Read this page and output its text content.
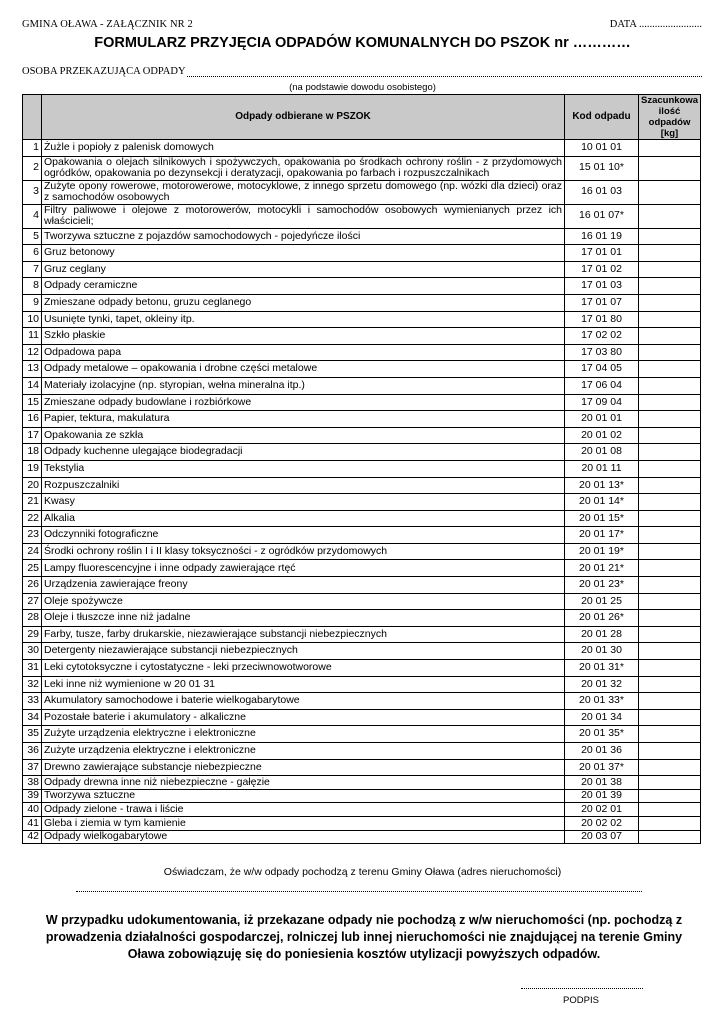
GMINA OŁAWA - ZAŁĄCZNIK NR 2	DATA ........................
FORMULARZ PRZYJĘCIA ODPADÓW KOMUNALNYCH DO PSZOK nr …………
OSOBA PRZEKAZUJĄCA ODPADY
(na podstawie dowodu osobistego)
	Odpady odbierane w PSZOK	Kod odpadu	Szacunkowa ilość odpadów [kg]
1	Żużle i popioły z palenisk domowych	10 01 01	
2	Opakowania o olejach silnikowych i spożywczych, opakowania po środkach ochrony roślin - z przydomowych ogródków, opakowania po dezynsekcji i deratyzacji, opakowania po farbach i rozpuszczalnikach	15 01 10*	
3	Zużyte opony rowerowe, motorowerowe, motocyklowe, z innego sprzetu domowego (np. wózki dla dzieci) oraz z samochodów osobowych	16 01 03	
4	Filtry paliwowe i olejowe z motorowerów, motocykli i samochodów osobowych wymienianych przez ich właścicieli;	16 01 07*	
5	Tworzywa sztuczne z pojazdów samochodowych - pojedyńcze ilości	16 01 19	
6	Gruz betonowy	17 01 01	
7	Gruz ceglany	17 01 02	
8	Odpady ceramiczne	17 01 03	
9	Zmieszane odpady betonu, gruzu ceglanego	17 01 07	
10	Usunięte tynki, tapet, okleiny itp.	17 01 80	
11	Szkło płaskie	17 02 02	
12	Odpadowa papa	17 03 80	
13	Odpady metalowe – opakowania i drobne części metalowe	17 04 05	
14	Materiały izolacyjne (np. styropian, wełna mineralna itp.)	17 06 04	
15	Zmieszane odpady budowlane i rozbiórkowe	17 09 04	
16	Papier, tektura, makulatura	20 01 01	
17	Opakowania ze szkła	20 01 02	
18	Odpady kuchenne ulegające biodegradacji	20 01 08	
19	Tekstylia	20 01 11	
20	Rozpuszczalniki	20 01 13*	
21	Kwasy	20 01 14*	
22	Alkalia	20 01 15*	
23	Odczynniki fotograficzne	20 01 17*	
24	Środki ochrony roślin I i II klasy toksyczności - z ogródków przydomowych	20 01 19*	
25	Lampy fluorescencyjne i inne odpady zawierające rtęć	20 01 21*	
26	Urządzenia zawierające freony	20 01 23*	
27	Oleje spożywcze	20 01 25	
28	Oleje i tłuszcze inne niż jadalne	20 01 26*	
29	Farby, tusze, farby drukarskie, niezawierające substancji niebezpiecznych	20 01 28	
30	Detergenty niezawierające substancji niebezpiecznych	20 01 30	
31	Leki cytotoksyczne i cytostatyczne - leki przeciwnowotworowe	20 01 31*	
32	Leki inne niż wymienione w 20 01 31	20 01 32	
33	Akumulatory samochodowe i baterie wielkogabarytowe	20 01 33*	
34	Pozostałe baterie i akumulatory - alkaliczne	20 01 34	
35	Zużyte urządzenia elektryczne i elektroniczne	20 01 35*	
36	Zużyte urządzenia elektryczne i elektroniczne	20 01 36	
37	Drewno zawierające substancje niebezpieczne	20 01 37*	
38	Odpady drewna inne niż niebezpieczne - gałęzie	20 01 38	
39	Tworzywa sztuczne	20 01 39	
40	Odpady zielone - trawa i liście	20 02 01	
41	Gleba i ziemia w tym kamienie	20 02 02	
42	Odpady wielkogabarytowe	20 03 07	
Oświadczam, że w/w odpady pochodzą z terenu Gminy Oława (adres nieruchomości)
W przypadku udokumentowania, iż przekazane odpady nie pochodzą z w/w nieruchomości (np. pochodzą z prowadzenia działalności gospodarczej, rolniczej lub innej nieruchomości nie znajdującej na terenie Gminy Oława zobowiązuję się do poniesienia kosztów utylizacji powyższych odpadów.
PODPIS
